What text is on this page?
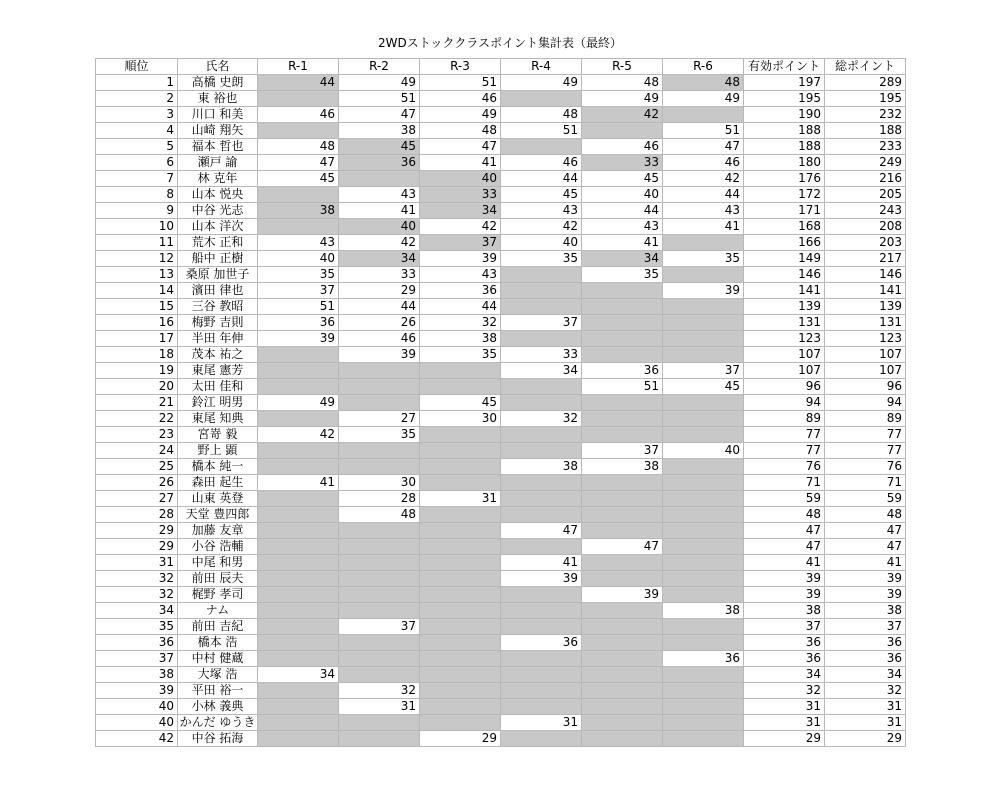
2WDストッククラスポイント集計表（最終）
順位	氏名	R-1	R-2	R-3	R-4	R-5	R-6	有効ポイント	総ポイント
1	高橋 史朗	44	49	51	49	48	48	197	289
2	東 裕也		51	46		49	49	195	195
3	川口 和美	46	47	49	48	42		190	232
4	山崎 翔矢		38	48	51		51	188	188
5	福本 哲也	48	45	47		46	47	188	233
6	瀬戸 諭	47	36	41	46	33	46	180	249
7	林 克年	45		40	44	45	42	176	216
8	山本 悦央		43	33	45	40	44	172	205
9	中谷 光志	38	41	34	43	44	43	171	243
10	山本 洋次		40	42	42	43	41	168	208
11	荒木 正和	43	42	37	40	41		166	203
12	船中 正樹	40	34	39	35	34	35	149	217
13	桑原 加世子	35	33	43		35		146	146
14	濱田 律也	37	29	36			39	141	141
15	三谷 教昭	51	44	44				139	139
16	梅野 吉則	36	26	32	37			131	131
17	半田 年伸	39	46	38				123	123
18	茂本 祐之		39	35	33			107	107
19	東尾 憲芳				34	36	37	107	107
20	太田 佳和					51	45	96	96
21	鈴江 明男	49		45				94	94
22	東尾 知典		27	30	32			89	89
23	宮嵜 毅	42	35					77	77
24	野上 顕					37	40	77	77
25	橋本 純一				38	38		76	76
26	森田 起生	41	30					71	71
27	山東 英登		28	31				59	59
28	天堂 豊四郎		48					48	48
29	加藤 友章				47			47	47
29	小谷 浩輔					47		47	47
31	中尾 和男				41			41	41
32	前田 辰夫				39			39	39
32	梶野 孝司					39		39	39
34	ナム						38	38	38
35	前田 吉紀		37					37	37
36	橋本 浩				36			36	36
37	中村 健蔵						36	36	36
38	大塚 浩	34						34	34
39	平田 裕一		32					32	32
40	小林 義典		31					31	31
40	かんだ ゆうき				31			31	31
42	中谷 拓海			29				29	29
